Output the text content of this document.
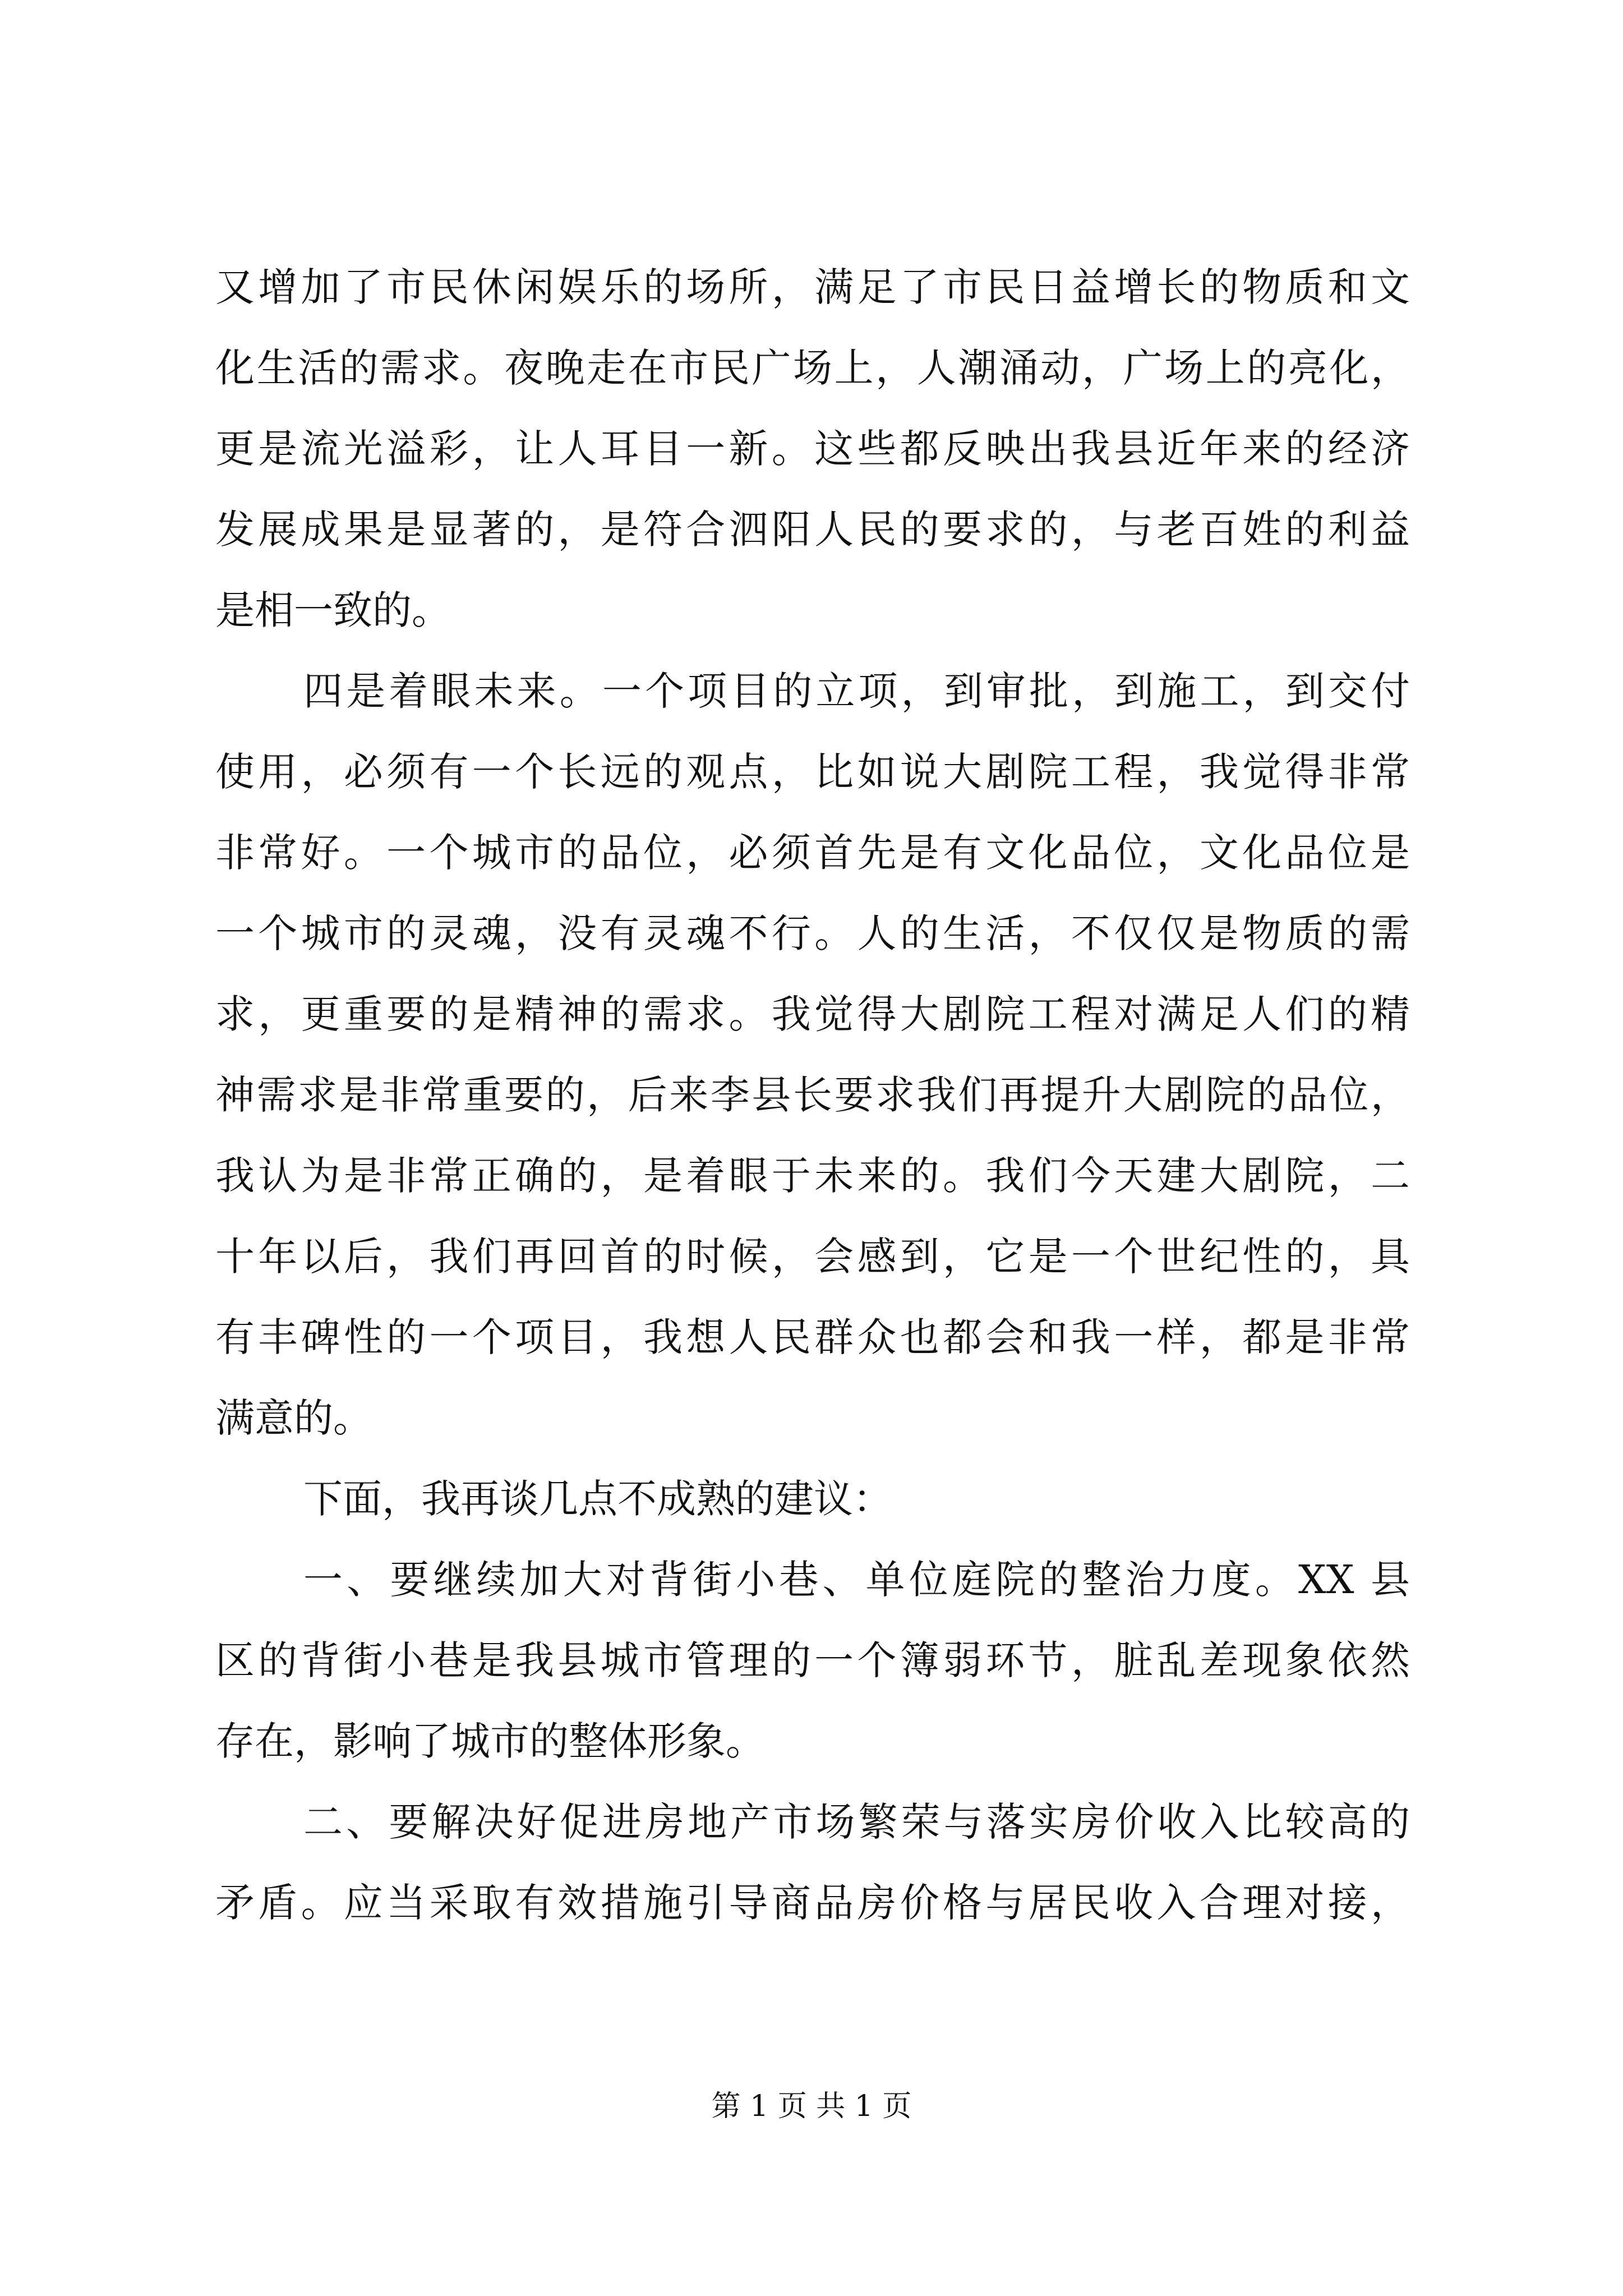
又增加了市民休闲娱乐的场所，满足了市民日益增长的物质和文
化生活的需求。夜晚走在市民广场上，人潮涌动，广场上的亮化，
更是流光溢彩，让人耳目一新。这些都反映出我县近年来的经济
发展成果是显著的，是符合泗阳人民的要求的，与老百姓的利益
是相一致的。
四是着眼未来。一个项目的立项，到审批，到施工，到交付
使用，必须有一个长远的观点，比如说大剧院工程，我觉得非常
非常好。一个城市的品位，必须首先是有文化品位，文化品位是
一个城市的灵魂，没有灵魂不行。人的生活，不仅仅是物质的需
求，更重要的是精神的需求。我觉得大剧院工程对满足人们的精
神需求是非常重要的，后来李县长要求我们再提升大剧院的品位，
我认为是非常正确的，是着眼于未来的。我们今天建大剧院，二
十年以后，我们再回首的时候，会感到，它是一个世纪性的，具
有丰碑性的一个项目，我想人民群众也都会和我一样，都是非常
满意的。
下面，我再谈几点不成熟的建议：
一、要继续加大对背街小巷、单位庭院的整治力度。XX 县
区的背街小巷是我县城市管理的一个簿弱环节，脏乱差现象依然
存在，影响了城市的整体形象。
二、要解决好促进房地产市场繁荣与落实房价收入比较高的
矛盾。应当采取有效措施引导商品房价格与居民收入合理对接，
第 1 页 共 1 页
